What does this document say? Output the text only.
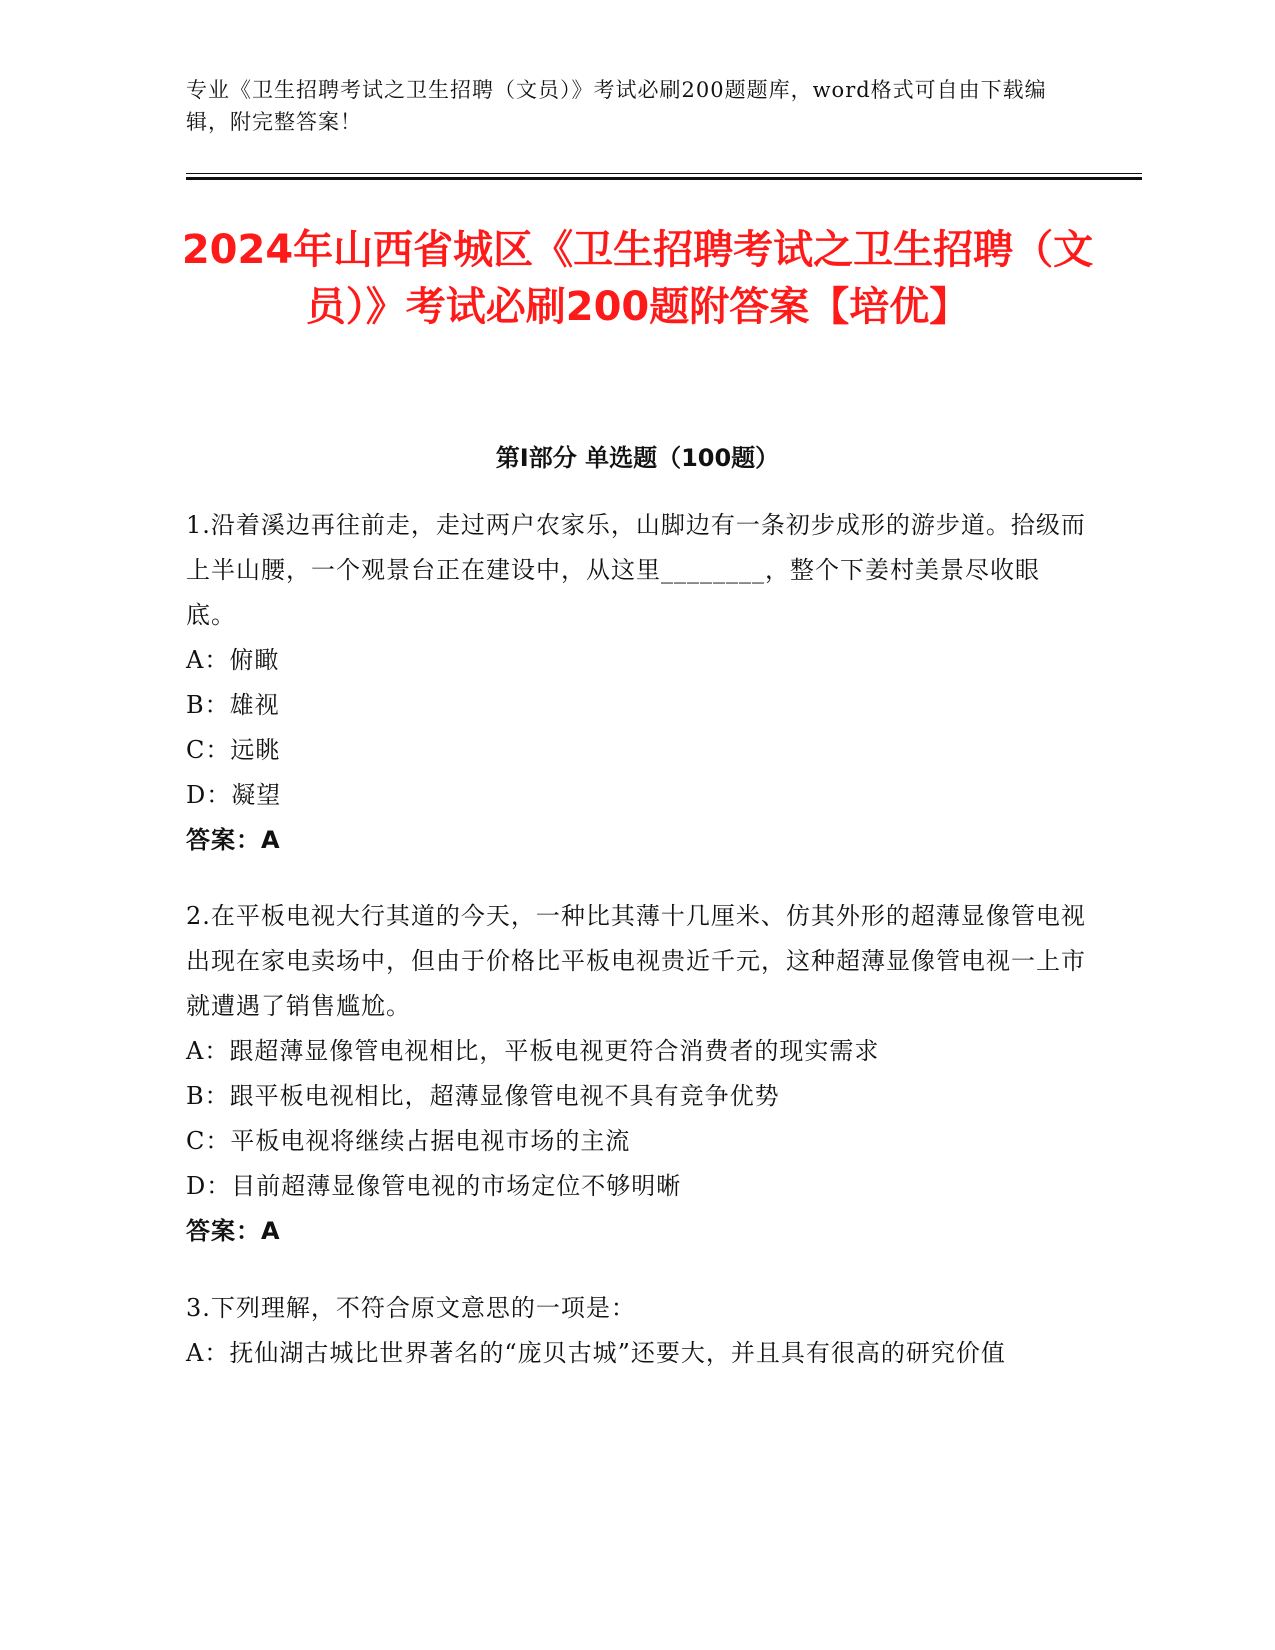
专业《卫生招聘考试之卫生招聘（文员）》考试必刷200题题库，word格式可自由下载编辑，附完整答案！
2024年山西省城区《卫生招聘考试之卫生招聘（文员）》考试必刷200题附答案【培优】
第I部分 单选题（100题）

1.沿着溪边再往前走，走过两户农家乐，山脚边有一条初步成形的游步道。拾级而上半山腰，一个观景台正在建设中，从这里________，整个下姜村美景尽收眼底。

A：俯瞰

B：雄视

C：远眺

D：凝望

答案：A

2.在平板电视大行其道的今天，一种比其薄十几厘米、仿其外形的超薄显像管电视出现在家电卖场中，但由于价格比平板电视贵近千元，这种超薄显像管电视一上市就遭遇了销售尴尬。

A：跟超薄显像管电视相比，平板电视更符合消费者的现实需求

B：跟平板电视相比，超薄显像管电视不具有竞争优势

C：平板电视将继续占据电视市场的主流

D：目前超薄显像管电视的市场定位不够明晰

答案：A

3.下列理解，不符合原文意思的一项是：

A：抚仙湖古城比世界著名的“庞贝古城”还要大，并且具有很高的研究价值
